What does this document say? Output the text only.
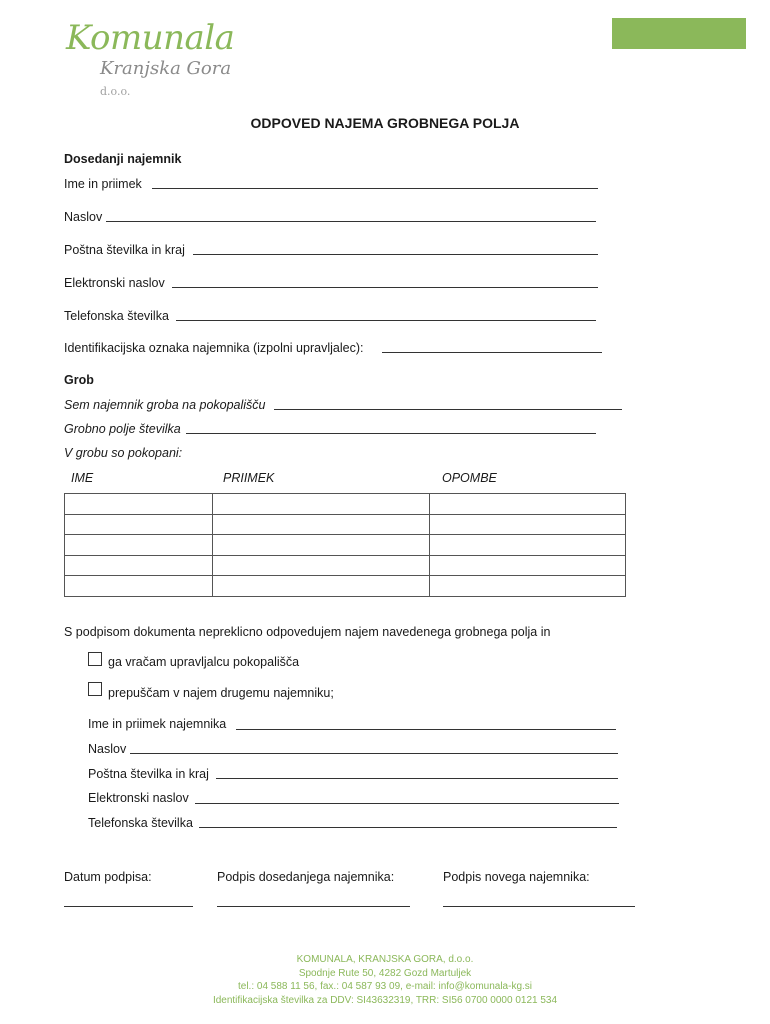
Komunala
Kranjska Gora d.o.o.
ODPOVED NAJEMA GROBNEGA POLJA
Dosedanji najemnik
Ime in priimek
Naslov
Poštna številka in kraj
Elektronski naslov
Telefonska številka
Identifikacijska oznaka najemnika (izpolni upravljalec):
Grob
Sem najemnik groba na pokopališču
Grobno polje številka
V grobu so pokopani:
IME	PRIIMEK	OPOMBE

S podpisom dokumenta nepreklicno odpovedujem najem navedenega grobnega polja in
ga vračam upravljalcu pokopališča
prepuščam v najem drugemu najemniku;
Ime in priimek najemnika
Naslov
Poštna številka in kraj
Elektronski naslov
Telefonska številka
Datum podpisa:	Podpis dosedanjega najemnika:	Podpis novega najemnika:
KOMUNALA, KRANJSKA GORA, d.o.o.
Spodnje Rute 50, 4282 Gozd Martuljek
tel.: 04 588 11 56, fax.: 04 587 93 09, e-mail: info@komunala-kg.si
Identifikacijska številka za DDV: SI43632319, TRR: SI56 0700 0000 0121 534
